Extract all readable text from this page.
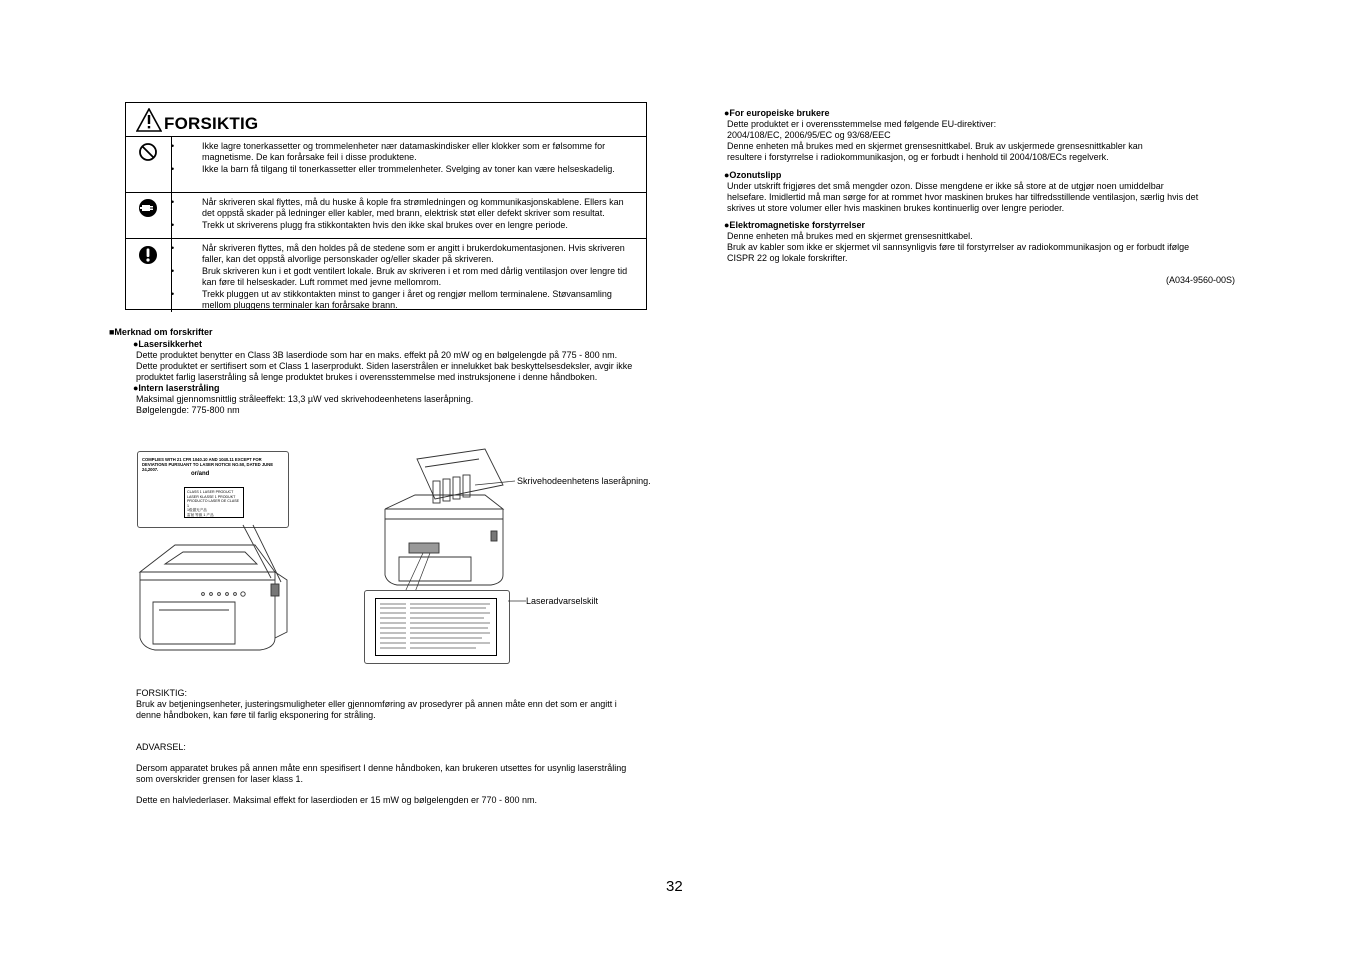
FORSIKTIG
• Ikke lagre tonerkassetter og trommelenheter nær datamaskindisker eller klokker som er følsomme for magnetisme. De kan forårsake feil i disse produktene.
• Ikke la barn få tilgang til tonerkassetter eller trommelenheter. Svelging av toner kan være helseskadelig.
• Når skriveren skal flyttes, må du huske å kople fra strømledningen og kommunikasjonskablene. Ellers kan det oppstå skader på ledninger eller kabler, med brann, elektrisk støt eller defekt skriver som resultat.
• Trekk ut skriverens plugg fra stikkontakten hvis den ikke skal brukes over en lengre periode.
• Når skriveren flyttes, må den holdes på de stedene som er angitt i brukerdokumentasjonen. Hvis skriveren faller, kan det oppstå alvorlige personskader og/eller skader på skriveren.
• Bruk skriveren kun i et godt ventilert lokale. Bruk av skriveren i et rom med dårlig ventilasjon over lengre tid kan føre til helseskader. Luft rommet med jevne mellomrom.
• Trekk pluggen ut av stikkontakten minst to ganger i året og rengjør mellom terminalene. Støvansamling mellom pluggens terminaler kan forårsake brann.
■Merknad om forskrifter
●Lasersikkerhet
Dette produktet benytter en Class 3B laserdiode som har en maks. effekt på 20 mW og en bølgelengde på 775 - 800 nm.
Dette produktet er sertifisert som et Class 1 laserprodukt. Siden laserstrålen er innelukket bak beskyttelsesdeksler, avgir ikke
produktet farlig laserstråling så lenge produktet brukes i overensstemmelse med instruksjonene i denne håndboken.
●Intern laserstråling
Maksimal gjennomsnittlig stråleeffekt: 13,3 µW ved skrivehodeenhetens laseråpning.
Bølgelengde: 775-800 nm
COMPLIES WITH 21 CFR 1040.10 AND 1040.11 EXCEPT FOR
DEVIATIONS PURSUANT TO LASER NOTICE NO.50, DATED JUNE 24,2007.
or/and
CLASS 1 LASER PRODUCT
LASER KLASSE 1 PRODUKT
PRODUCTO LASER DE CLASE 1
1级激光产品
雷射 等級 1 产品
Skrivehodeenhetens laseråpning.
Laseradvarselskilt
FORSIKTIG:
Bruk av betjeningsenheter, justeringsmuligheter eller gjennomføring av prosedyrer på annen måte enn det som er angitt i
denne håndboken, kan føre til farlig eksponering for stråling.
ADVARSEL:
Dersom apparatet brukes på annen måte enn spesifisert I denne håndboken, kan brukeren utsettes for usynlig laserstråling
som overskrider grensen for laser klass 1.
Dette en halvlederlaser. Maksimal effekt for laserdioden er 15 mW og bølgelengden er 770 - 800 nm.
●For europeiske brukere
Dette produktet er i overensstemmelse med følgende EU-direktiver:
2004/108/EC, 2006/95/EC og 93/68/EEC
Denne enheten må brukes med en skjermet grensesnittkabel. Bruk av uskjermede grensesnittkabler kan
resultere i forstyrrelse i radiokommunikasjon, og er forbudt i henhold til 2004/108/ECs regelverk.
●Ozonutslipp
Under utskrift frigjøres det små mengder ozon. Disse mengdene er ikke så store at de utgjør noen umiddelbar
helsefare. Imidlertid må man sørge for at rommet hvor maskinen brukes har tilfredsstillende ventilasjon, særlig hvis det
skrives ut store volumer eller hvis maskinen brukes kontinuerlig over lengre perioder.
●Elektromagnetiske forstyrrelser
Denne enheten må brukes med en skjermet grensesnittkabel.
Bruk av kabler som ikke er skjermet vil sannsynligvis føre til forstyrrelser av radiokommunikasjon og er forbudt ifølge
CISPR 22 og lokale forskrifter.
(A034-9560-00S)
32
